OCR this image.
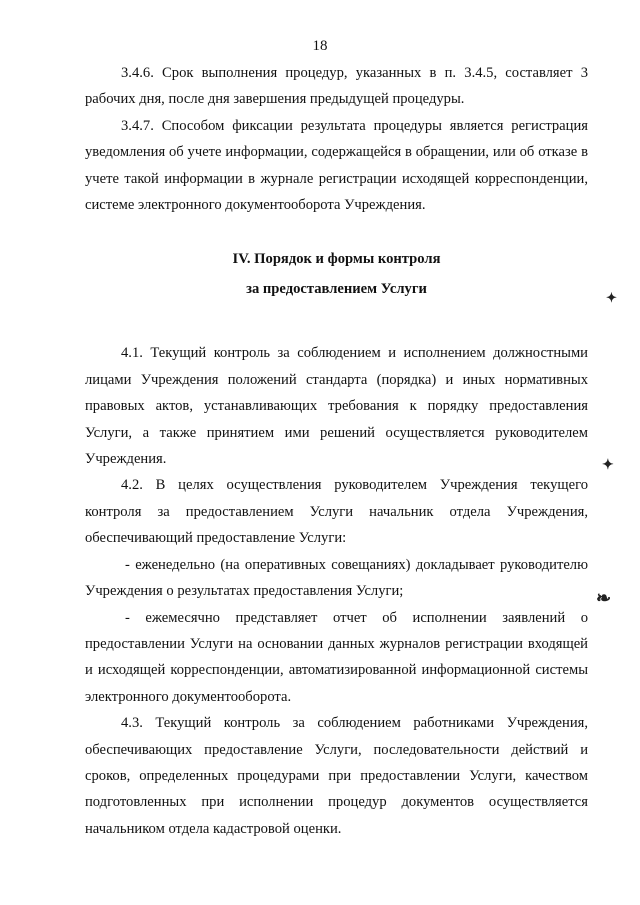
18

3.4.6. Срок выполнения процедур, указанных в п. 3.4.5, составляет 3 рабочих дня, после дня завершения предыдущей процедуры.

3.4.7. Способом фиксации результата процедуры является регистрация уведомления об учете информации, содержащейся в обращении, или об отказе в учете такой информации в журнале регистрации исходящей корреспонденции, системе электронного документооборота Учреждения.

IV. Порядок и формы контроля
за предоставлением Услуги

4.1. Текущий контроль за соблюдением и исполнением должностными лицами Учреждения положений стандарта (порядка) и иных нормативных правовых актов, устанавливающих требования к порядку предоставления Услуги, а также принятием ими решений осуществляется руководителем Учреждения.

4.2. В целях осуществления руководителем Учреждения текущего контроля за предоставлением Услуги начальник отдела Учреждения, обеспечивающий предоставление Услуги:

- еженедельно (на оперативных совещаниях) докладывает руководителю Учреждения о результатах предоставления Услуги;

- ежемесячно представляет отчет об исполнении заявлений о предоставлении Услуги на основании данных журналов регистрации входящей и исходящей корреспонденции, автоматизированной информационной системы электронного документооборота.

4.3. Текущий контроль за соблюдением работниками Учреждения, обеспечивающих предоставление Услуги, последовательности действий и сроков, определенных процедурами при предоставлении Услуги, качеством подготовленных при исполнении процедур документов осуществляется начальником отдела кадастровой оценки.

✦
✦
❧
